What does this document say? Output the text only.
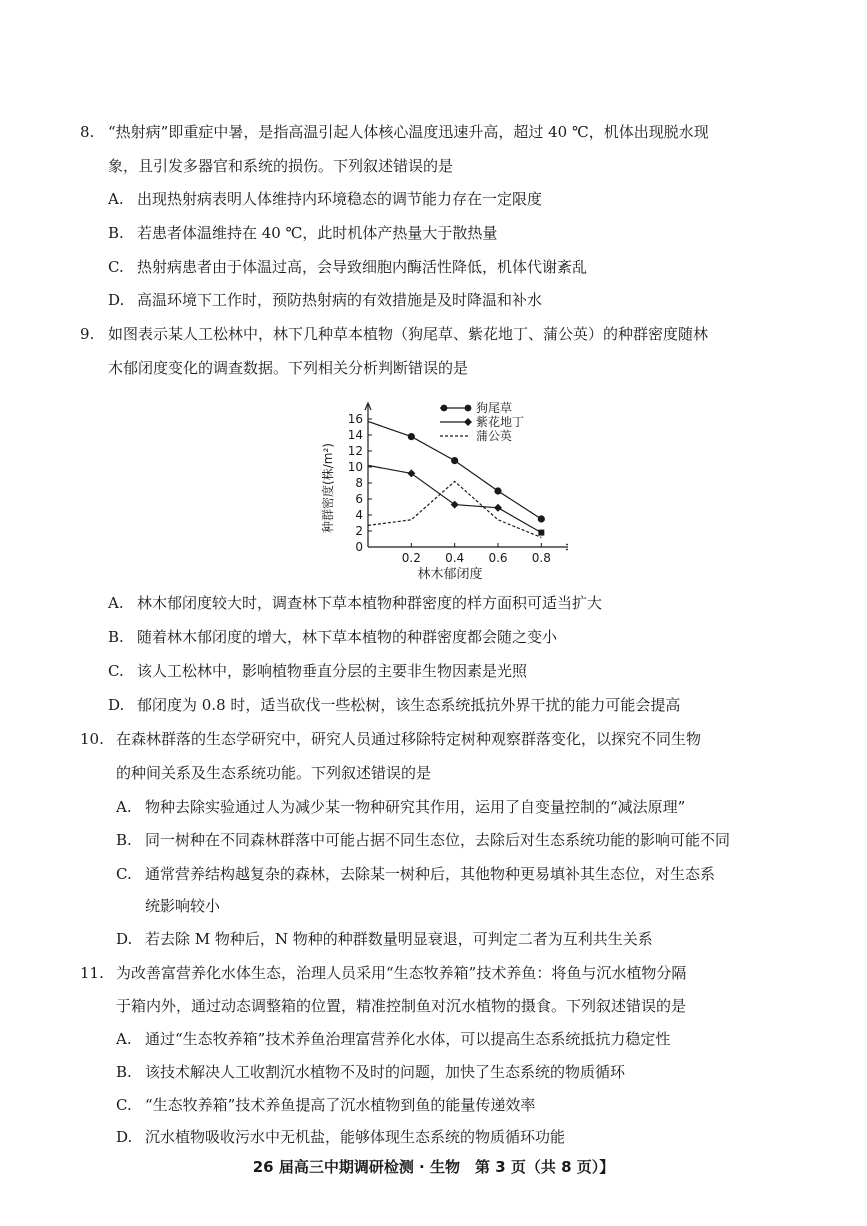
8. “热射病”即重症中暑，是指高温引起人体核心温度迅速升高，超过 40 ℃，机体出现脱水现
象，且引发多器官和系统的损伤。下列叙述错误的是
A. 出现热射病表明人体维持内环境稳态的调节能力存在一定限度
B. 若患者体温维持在 40 ℃，此时机体产热量大于散热量
C. 热射病患者由于体温过高，会导致细胞内酶活性降低，机体代谢紊乱
D. 高温环境下工作时，预防热射病的有效措施是及时降温和补水
9. 如图表示某人工松林中，林下几种草本植物（狗尾草、紫花地丁、蒲公英）的种群密度随林
木郁闭度变化的调查数据。下列相关分析判断错误的是
0
2
4
6
8
10
12
14
16
0.2 0.4 0.6 0.8
狗尾草
紫花地丁
蒲公英
林木郁闭度
种群密度(株/m²)
A. 林木郁闭度较大时，调查林下草本植物种群密度的样方面积可适当扩大
B. 随着林木郁闭度的增大，林下草本植物的种群密度都会随之变小
C. 该人工松林中，影响植物垂直分层的主要非生物因素是光照
D. 郁闭度为 0.8 时，适当砍伐一些松树，该生态系统抵抗外界干扰的能力可能会提高
10. 在森林群落的生态学研究中，研究人员通过移除特定树种观察群落变化，以探究不同生物
的种间关系及生态系统功能。下列叙述错误的是
A. 物种去除实验通过人为减少某一物种研究其作用，运用了自变量控制的“减法原理”
B. 同一树种在不同森林群落中可能占据不同生态位，去除后对生态系统功能的影响可能不同
C. 通常营养结构越复杂的森林，去除某一树种后，其他物种更易填补其生态位，对生态系
统影响较小
D. 若去除 M 物种后，N 物种的种群数量明显衰退，可判定二者为互利共生关系
11. 为改善富营养化水体生态，治理人员采用“生态牧养箱”技术养鱼：将鱼与沉水植物分隔
于箱内外，通过动态调整箱的位置，精准控制鱼对沉水植物的摄食。下列叙述错误的是
A. 通过“生态牧养箱”技术养鱼治理富营养化水体，可以提高生态系统抵抗力稳定性
B. 该技术解决人工收割沉水植物不及时的问题，加快了生态系统的物质循环
C. “生态牧养箱”技术养鱼提高了沉水植物到鱼的能量传递效率
D. 沉水植物吸收污水中无机盐，能够体现生态系统的物质循环功能
26 届高三中期调研检测 · 生物　第 3 页（共 8 页）】
